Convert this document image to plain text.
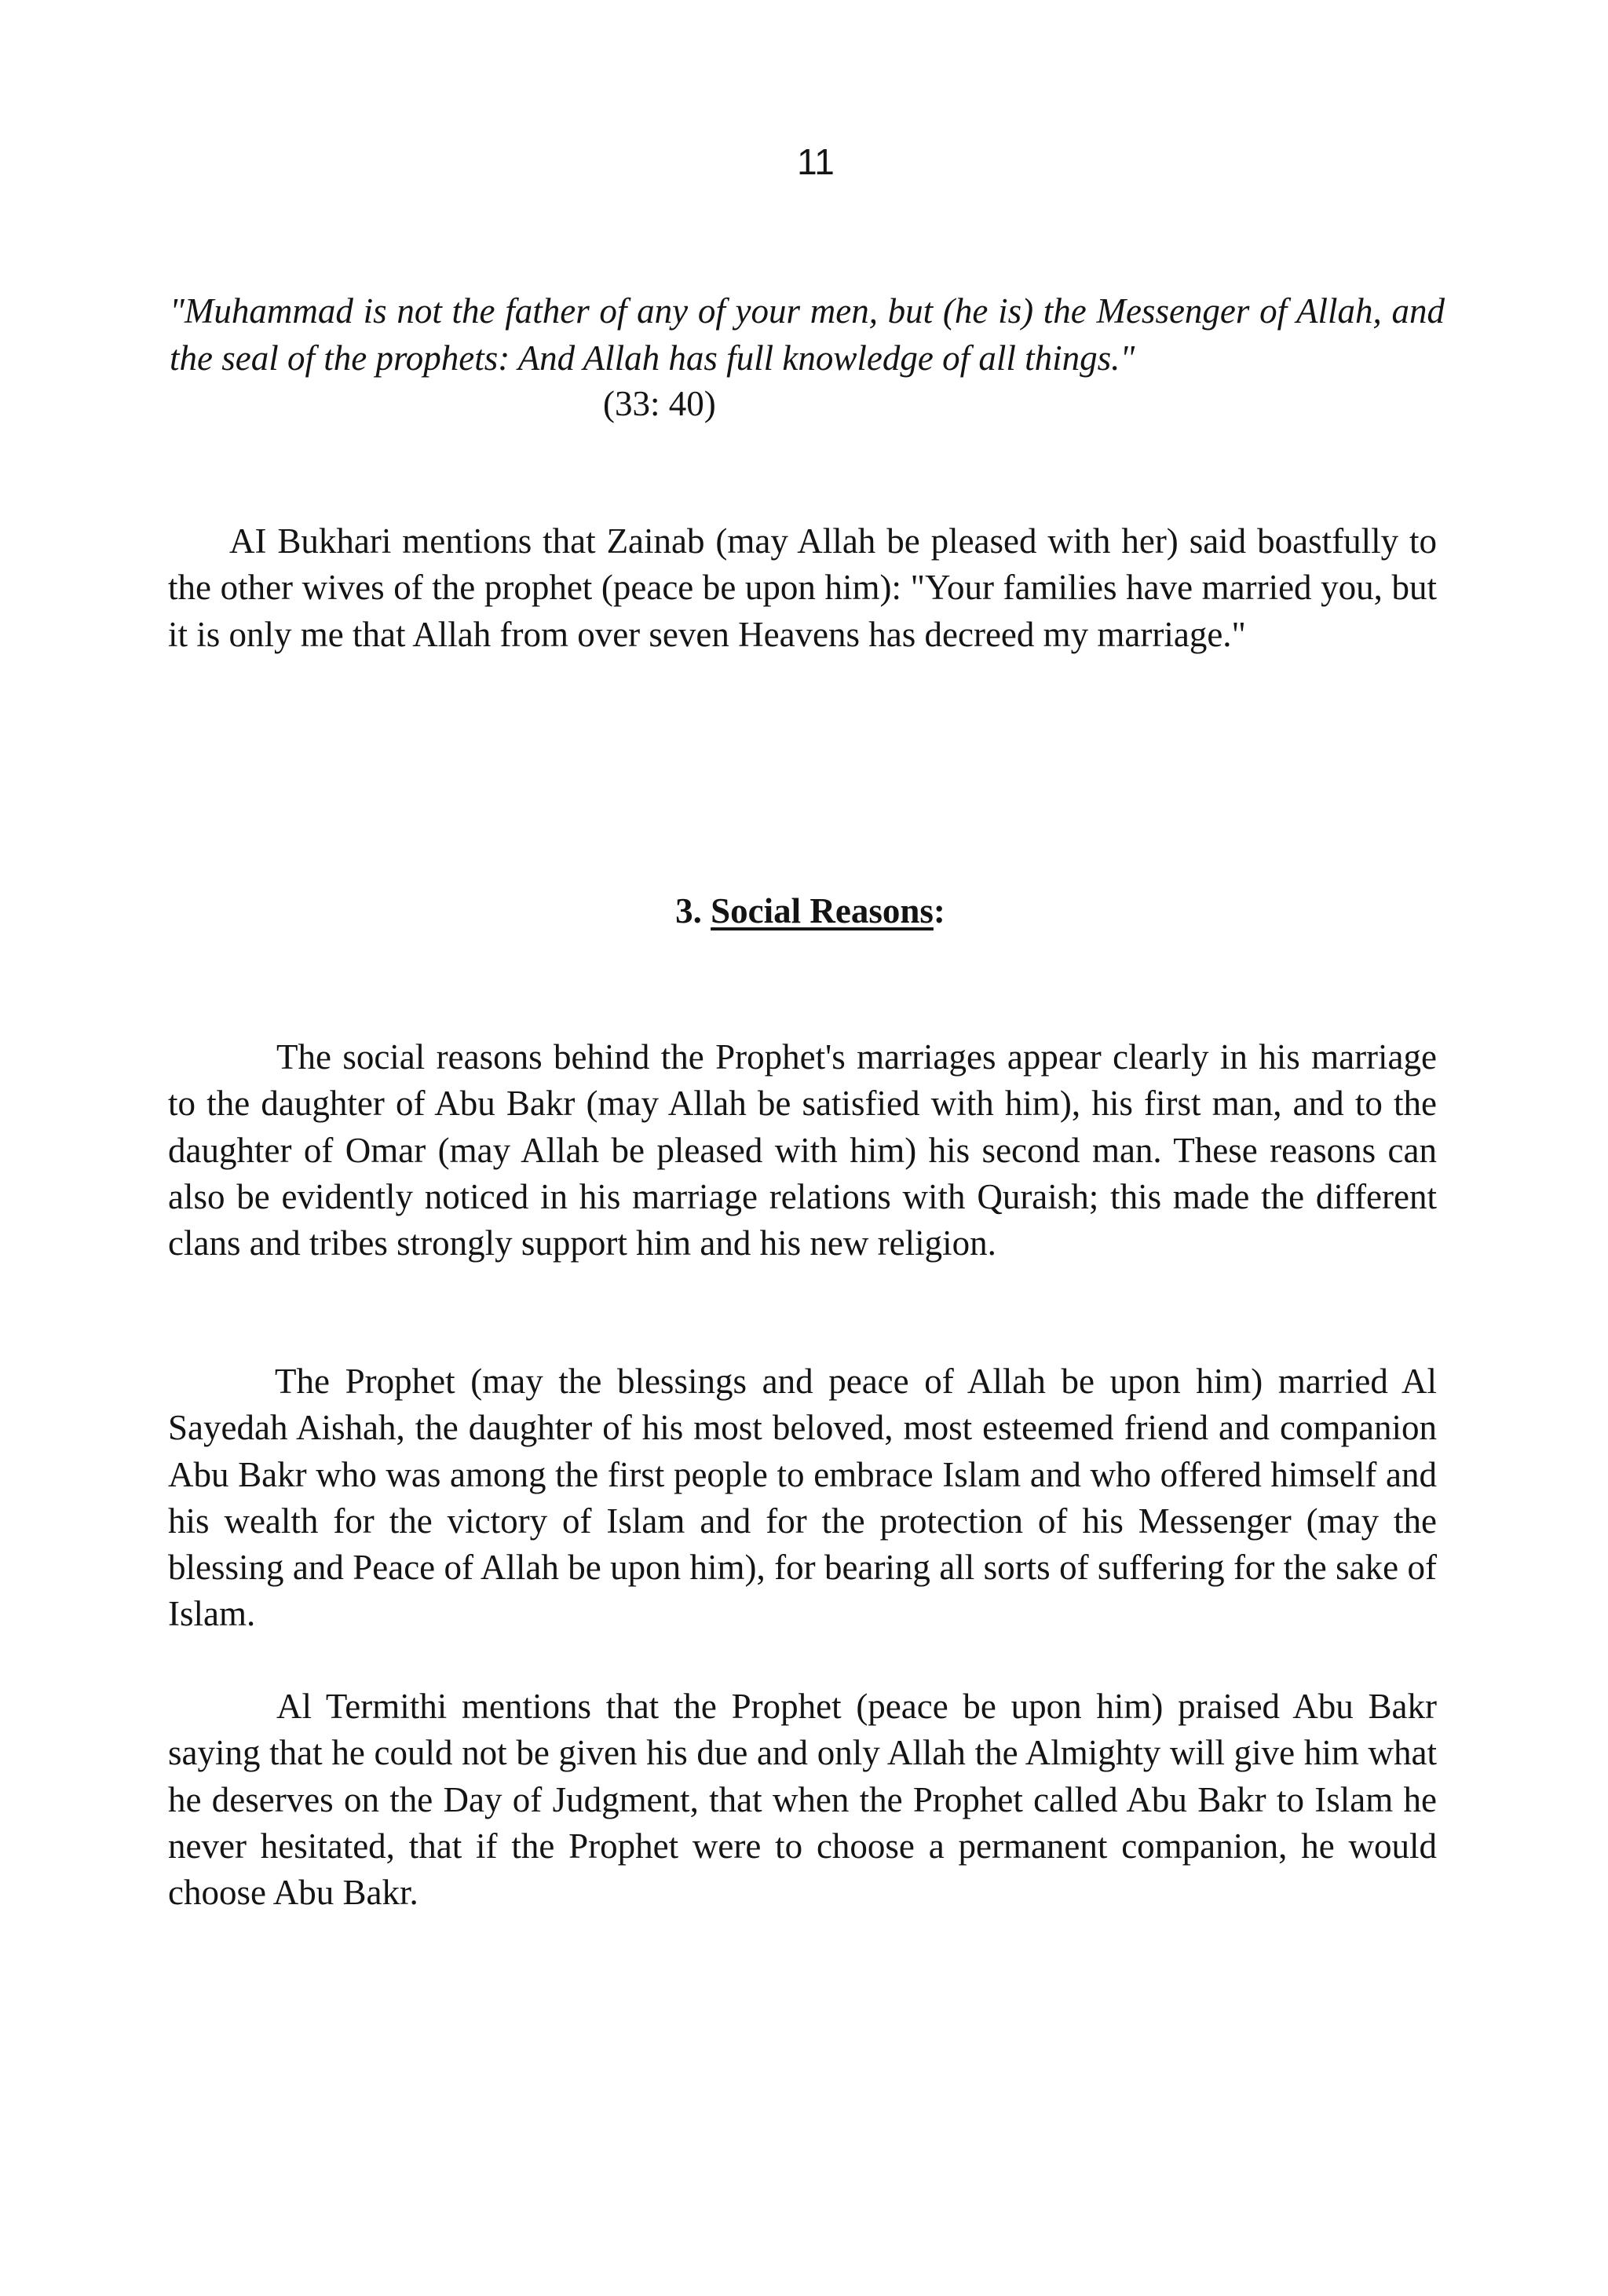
11
"Muhammad is not the father of any of your men, but (he is) the Messenger of Allah, and the seal of the prophets: And Allah has full knowledge of all things."
(33: 40)

AI Bukhari mentions that Zainab (may Allah be pleased with her) said boastfully to the other wives of the prophet (peace be upon him): "Your families have married you, but it is only me that Allah from over seven Heavens has decreed my marriage."

3. Social Reasons:

The social reasons behind the Prophet's marriages appear clearly in his marriage to the daughter of Abu Bakr (may Allah be satisfied with him), his first man, and to the daughter of Omar (may Allah be pleased with him) his second man. These reasons can also be evidently noticed in his marriage relations with Quraish; this made the different clans and tribes strongly support him and his new religion.

The Prophet (may the blessings and peace of Allah be upon him) married Al Sayedah Aishah, the daughter of his most beloved, most esteemed friend and companion Abu Bakr who was among the first people to embrace Islam and who offered himself and his wealth for the victory of Islam and for the protection of his Messenger (may the blessing and Peace of Allah be upon him), for bearing all sorts of suffering for the sake of Islam.

Al Termithi mentions that the Prophet (peace be upon him) praised Abu Bakr saying that he could not be given his due and only Allah the Almighty will give him what he deserves on the Day of Judgment, that when the Prophet called Abu Bakr to Islam he never hesitated, that if the Prophet were to choose a permanent companion, he would choose Abu Bakr.
